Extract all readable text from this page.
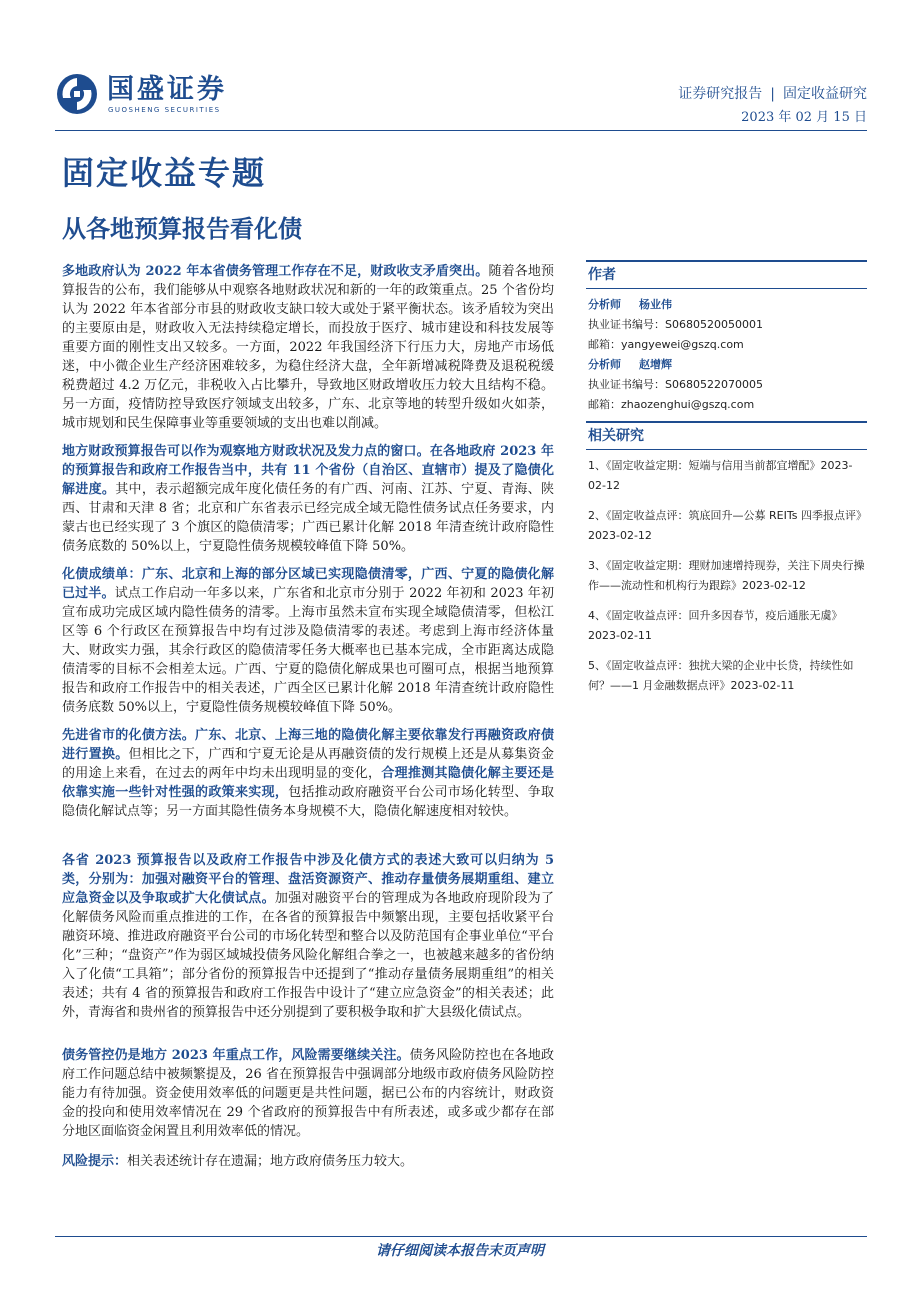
国盛证券
GUOSHENG SECURITIES
证券研究报告 | 固定收益研究
2023 年 02 月 15 日
固定收益专题
从各地预算报告看化债
多地政府认为 2022 年本省债务管理工作存在不足，财政收支矛盾突出。随着各地预算报告的公布，我们能够从中观察各地财政状况和新的一年的政策重点。25 个省份均认为 2022 年本省部分市县的财政收支缺口较大或处于紧平衡状态。该矛盾较为突出的主要原由是，财政收入无法持续稳定增长，而投放于医疗、城市建设和科技发展等重要方面的刚性支出又较多。一方面，2022 年我国经济下行压力大，房地产市场低迷，中小微企业生产经济困难较多，为稳住经济大盘，全年新增减税降费及退税税缓税费超过 4.2 万亿元，非税收入占比攀升，导致地区财政增收压力较大且结构不稳。另一方面，疫情防控导致医疗领域支出较多，广东、北京等地的转型升级如火如荼，城市规划和民生保障事业等重要领域的支出也难以削减。
地方财政预算报告可以作为观察地方财政状况及发力点的窗口。在各地政府 2023 年的预算报告和政府工作报告当中，共有 11 个省份（自治区、直辖市）提及了隐债化解进度。其中，表示超额完成年度化债任务的有广西、河南、江苏、宁夏、青海、陕西、甘肃和天津 8 省；北京和广东省表示已经完成全域无隐性债务试点任务要求，内蒙古也已经实现了 3 个旗区的隐债清零；广西已累计化解 2018 年清查统计政府隐性债务底数的 50%以上，宁夏隐性债务规模较峰值下降 50%。
化债成绩单：广东、北京和上海的部分区域已实现隐债清零，广西、宁夏的隐债化解已过半。试点工作启动一年多以来，广东省和北京市分别于 2022 年初和 2023 年初宣布成功完成区域内隐性债务的清零。上海市虽然未宣布实现全域隐债清零，但松江区等 6 个行政区在预算报告中均有过涉及隐债清零的表述。考虑到上海市经济体量大、财政实力强，其余行政区的隐债清零任务大概率也已基本完成，全市距离达成隐债清零的目标不会相差太远。广西、宁夏的隐债化解成果也可圈可点，根据当地预算报告和政府工作报告中的相关表述，广西全区已累计化解 2018 年清查统计政府隐性债务底数 50%以上，宁夏隐性债务规模较峰值下降 50%。
先进省市的化债方法。广东、北京、上海三地的隐债化解主要依靠发行再融资政府债进行置换。但相比之下，广西和宁夏无论是从再融资债的发行规模上还是从募集资金的用途上来看，在过去的两年中均未出现明显的变化，合理推测其隐债化解主要还是依靠实施一些针对性强的政策来实现，包括推动政府融资平台公司市场化转型、争取隐债化解试点等；另一方面其隐性债务本身规模不大，隐债化解速度相对较快。
各省 2023 预算报告以及政府工作报告中涉及化债方式的表述大致可以归纳为 5 类，分别为：加强对融资平台的管理、盘活资源资产、推动存量债务展期重组、建立应急资金以及争取或扩大化债试点。加强对融资平台的管理成为各地政府现阶段为了化解债务风险而重点推进的工作，在各省的预算报告中频繁出现，主要包括收紧平台融资环境、推进政府融资平台公司的市场化转型和整合以及防范国有企事业单位“平台化”三种；“盘资产”作为弱区域城投债务风险化解组合拳之一，也被越来越多的省份纳入了化债“工具箱”；部分省份的预算报告中还提到了“推动存量债务展期重组”的相关表述；共有 4 省的预算报告和政府工作报告中设计了“建立应急资金”的相关表述；此外，青海省和贵州省的预算报告中还分别提到了要积极争取和扩大县级化债试点。
债务管控仍是地方 2023 年重点工作，风险需要继续关注。债务风险防控也在各地政府工作问题总结中被频繁提及，26 省在预算报告中强调部分地级市政府债务风险防控能力有待加强。资金使用效率低的问题更是共性问题，据已公布的内容统计，财政资金的投向和使用效率情况在 29 个省政府的预算报告中有所表述，或多或少都存在部分地区面临资金闲置且利用效率低的情况。
风险提示：相关表述统计存在遗漏；地方政府债务压力较大。
作者
分析师 杨业伟
执业证书编号：S0680520050001
邮箱：yangyewei@gszq.com
分析师 赵增辉
执业证书编号：S0680522070005
邮箱：zhaozenghui@gszq.com
相关研究
1、《固定收益定期：短端与信用当前都宜增配》2023-02-12
2、《固定收益点评：筑底回升—公募 REITs 四季报点评》2023-02-12
3、《固定收益定期：理财加速增持现券，关注下周央行操作——流动性和机构行为跟踪》2023-02-12
4、《固定收益点评：回升多因春节，疫后通胀无虞》2023-02-11
5、《固定收益点评：独扰大梁的企业中长贷，持续性如何？——1 月金融数据点评》2023-02-11
请仔细阅读本报告末页声明
